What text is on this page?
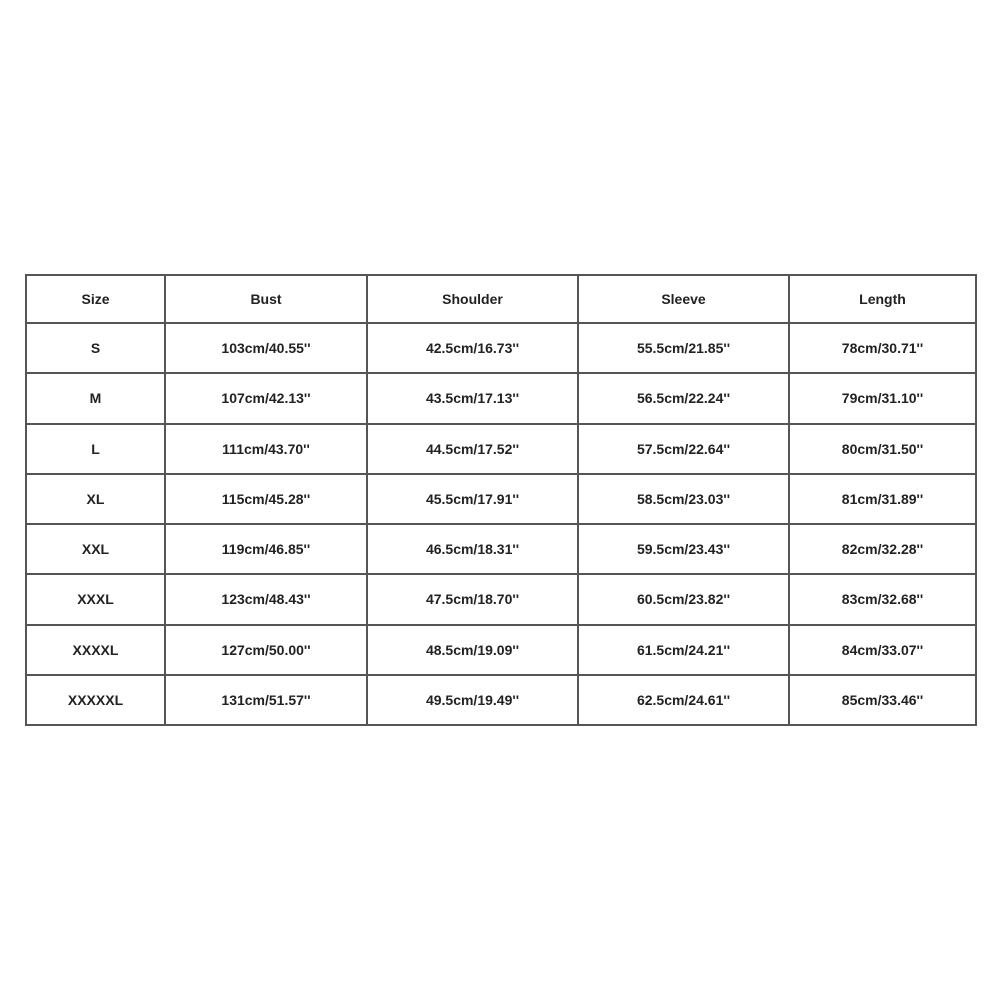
Size	Bust	Shoulder	Sleeve	Length
S	103cm/40.55''	42.5cm/16.73''	55.5cm/21.85''	78cm/30.71''
M	107cm/42.13''	43.5cm/17.13''	56.5cm/22.24''	79cm/31.10''
L	111cm/43.70''	44.5cm/17.52''	57.5cm/22.64''	80cm/31.50''
XL	115cm/45.28''	45.5cm/17.91''	58.5cm/23.03''	81cm/31.89''
XXL	119cm/46.85''	46.5cm/18.31''	59.5cm/23.43''	82cm/32.28''
XXXL	123cm/48.43''	47.5cm/18.70''	60.5cm/23.82''	83cm/32.68''
XXXXL	127cm/50.00''	48.5cm/19.09''	61.5cm/24.21''	84cm/33.07''
XXXXXL	131cm/51.57''	49.5cm/19.49''	62.5cm/24.61''	85cm/33.46''
